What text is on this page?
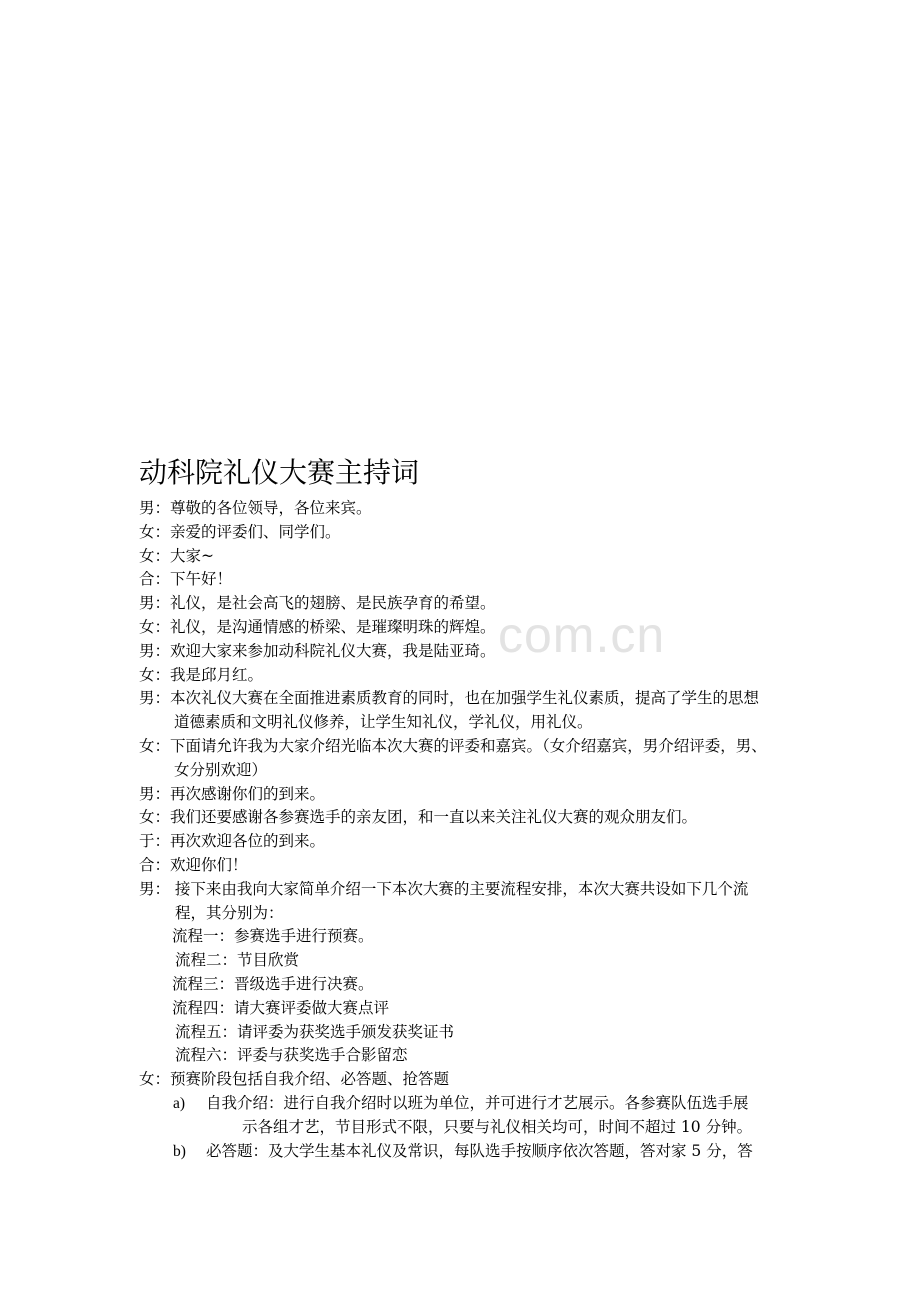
com.cn
动科院礼仪大赛主持词
男：尊敬的各位领导，各位来宾。
女：亲爱的评委们、同学们。
女：大家~
合：下午好！
男：礼仪，是社会高飞的翅膀、是民族孕育的希望。
女：礼仪，是沟通情感的桥梁、是璀璨明珠的辉煌。
男：欢迎大家来参加动科院礼仪大赛，我是陆亚琦。
女：我是邱月红。
男：本次礼仪大赛在全面推进素质教育的同时，也在加强学生礼仪素质，提高了学生的思想
道德素质和文明礼仪修养，让学生知礼仪，学礼仪，用礼仪。
女：下面请允许我为大家介绍光临本次大赛的评委和嘉宾。（女介绍嘉宾，男介绍评委，男、
女分别欢迎）
男：再次感谢你们的到来。
女：我们还要感谢各参赛选手的亲友团，和一直以来关注礼仪大赛的观众朋友们。
于：再次欢迎各位的到来。
合：欢迎你们！
男： 接下来由我向大家简单介绍一下本次大赛的主要流程安排，本次大赛共设如下几个流
程，其分别为：
流程一：参赛选手进行预赛。
流程二：节目欣赏
流程三：晋级选手进行决赛。
流程四：请大赛评委做大赛点评
流程五：请评委为获奖选手颁发获奖证书
流程六：评委与获奖选手合影留恋
女：预赛阶段包括自我介绍、必答题、抢答题
a) 自我介绍：进行自我介绍时以班为单位，并可进行才艺展示。各参赛队伍选手展
示各组才艺，节目形式不限，只要与礼仪相关均可，时间不超过 10 分钟。
b) 必答题：及大学生基本礼仪及常识，每队选手按顺序依次答题，答对家 5 分，答
